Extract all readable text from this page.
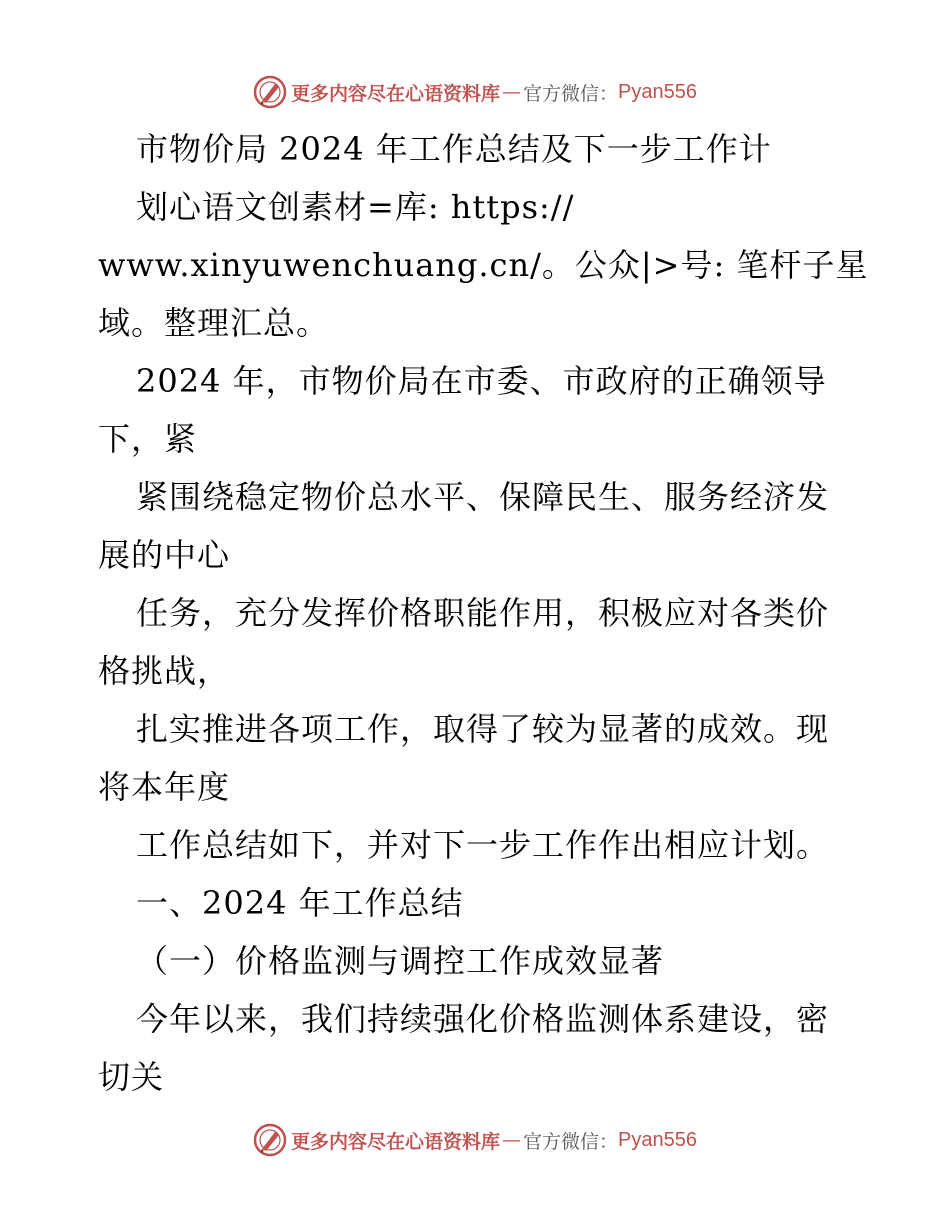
更多内容尽在心语资料库 — 官方微信： Pyan556
市物价局 2024 年工作总结及下一步工作计
划心语文创素材=库: https://
www.xinyuwenchuang.cn/。公众|>号: 笔杆子星
域。整理汇总。
2024 年，市物价局在市委、市政府的正确领导
下，紧
紧围绕稳定物价总水平、保障民生、服务经济发
展的中心
任务，充分发挥价格职能作用，积极应对各类价
格挑战，
扎实推进各项工作，取得了较为显著的成效。现
将本年度
工作总结如下，并对下一步工作作出相应计划。
一、2024 年工作总结
（一）价格监测与调控工作成效显著
今年以来，我们持续强化价格监测体系建设，密
切关
更多内容尽在心语资料库 — 官方微信： Pyan556
